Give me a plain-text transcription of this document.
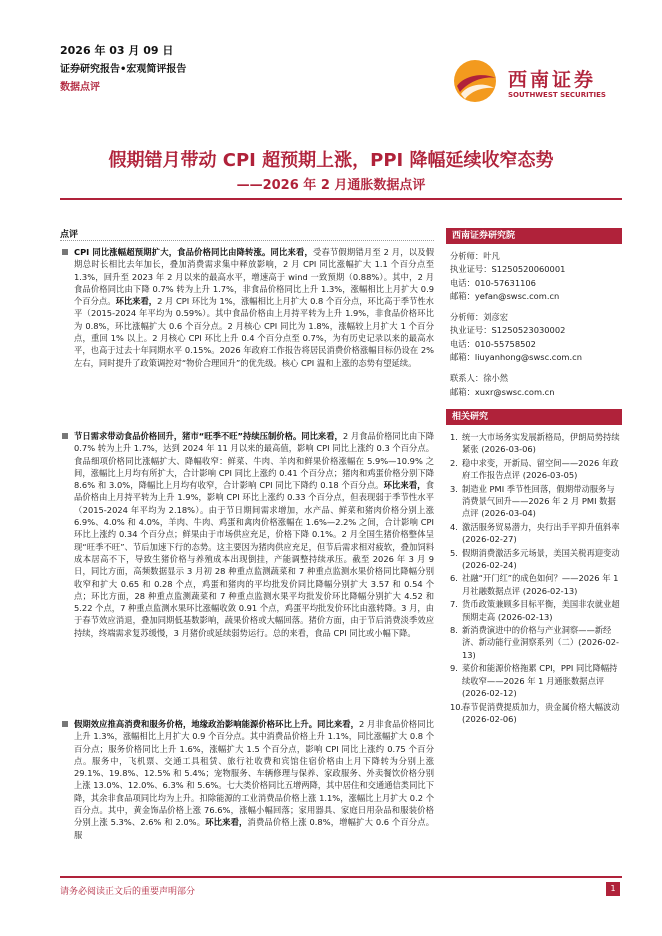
2026 年 03 月 09 日
证券研究报告•宏观简评报告
数据点评	西南证券
SOUTHWEST SECURITIES
假期错月带动 CPI 超预期上涨，PPI 降幅延续收窄态势
——2026 年 2 月通胀数据点评
点评
CPI 同比涨幅超预期扩大，食品价格同比由降转涨。同比来看，受春节假期错月至 2 月，以及假期总时长相比去年加长，叠加消费需求集中释放影响，2 月 CPI 同比涨幅扩大 1.1 个百分点至 1.3%，回升至 2023 年 2 月以来的最高水平，增速高于 wind 一致预期（0.88%）。其中，2 月食品价格同比由下降 0.7% 转为上升 1.7%，非食品价格同比上升 1.3%，涨幅相比上月扩大 0.9 个百分点。环比来看，2 月 CPI 环比为 1%，涨幅相比上月扩大 0.8 个百分点，环比高于季节性水平（2015-2024 年平均为 0.59%）。其中食品价格由上月持平转为上升 1.9%，非食品价格环比为 0.8%，环比涨幅扩大 0.6 个百分点。2 月核心 CPI 同比为 1.8%，涨幅较上月扩大 1 个百分点，重回 1% 以上。2 月核心 CPI 环比上升 0.4 个百分点至 0.7%，为有历史记录以来的最高水平，也高于过去十年同期水平 0.15%。2026 年政府工作报告将居民消费价格涨幅目标仍设在 2% 左右，同时提升了政策调控对“物价合理回升”的优先级。核心 CPI 温和上涨的态势有望延续。
节日需求带动食品价格回升，猪市“旺季不旺”持续压制价格。同比来看，2 月食品价格同比由下降 0.7% 转为上升 1.7%，达到 2024 年 11 月以来的最高值，影响 CPI 同比上涨约 0.3 个百分点。食品细项价格同比涨幅扩大、降幅收窄：鲜菜、牛肉、羊肉和鲜果价格涨幅在 5.9%—10.9% 之间，涨幅比上月均有所扩大，合计影响 CPI 同比上涨约 0.41 个百分点；猪肉和鸡蛋价格分别下降 8.6% 和 3.0%，降幅比上月均有收窄，合计影响 CPI 同比下降约 0.18 个百分点。环比来看，食品价格由上月持平转为上升 1.9%，影响 CPI 环比上涨约 0.33 个百分点，但表现弱于季节性水平（2015-2024 年平均为 2.18%）。由于节日期间需求增加，水产品、鲜菜和猪肉价格分别上涨 6.9%、4.0% 和 4.0%，羊肉、牛肉、鸡蛋和禽肉价格涨幅在 1.6%—2.2% 之间，合计影响 CPI 环比上涨约 0.34 个百分点；鲜果由于市场供应充足，价格下降 0.1%。2 月全国生猪价格整体呈现“旺季不旺”、节后加速下行的态势。这主要因为猪肉供应充足，但节后需求相对疲软，叠加饲料成本居高不下，导致生猪价格与养殖成本出现倒挂，产能调整持续承压。截至 2026 年 3 月 9 日，同比方面，高频数据显示 3 月初 28 种重点监测蔬菜和 7 种重点监测水果价格同比降幅分别收窄和扩大 0.65 和 0.28 个点，鸡蛋和猪肉的平均批发价同比降幅分别扩大 3.57 和 0.54 个点；环比方面，28 种重点监测蔬菜和 7 种重点监测水果平均批发价环比降幅分别扩大 4.52 和 5.22 个点，7 种重点监测水果环比涨幅收敛 0.91 个点，鸡蛋平均批发价环比由涨转降。3 月，由于春节效应消退，叠加同期低基数影响，蔬果价格或大幅回落。猪价方面，由于节后消费淡季效应持续，终端需求复苏缓慢，3 月猪价或延续弱势运行。总的来看，食品 CPI 同比或小幅下降。
假期效应推高消费和服务价格，地缘政治影响能源价格环比上升。同比来看，2 月非食品价格同比上升 1.3%，涨幅相比上月扩大 0.9 个百分点。其中消费品价格上升 1.1%，同比涨幅扩大 0.8 个百分点；服务价格同比上升 1.6%，涨幅扩大 1.5 个百分点，影响 CPI 同比上涨约 0.75 个百分点。服务中，飞机票、交通工具租赁、旅行社收费和宾馆住宿价格由上月下降转为分别上涨 29.1%、19.8%、12.5% 和 5.4%；宠物服务、车辆修理与保养、家政服务、外卖餐饮价格分别上涨 13.0%、12.0%、6.3% 和 5.6%。七大类价格同比五增两降，其中居住和交通通信类同比下降，其余非食品项同比均为上升。扣除能源的工业消费品价格上涨 1.1%，涨幅比上月扩大 0.2 个百分点。其中，黄金饰品价格上涨 76.6%，涨幅小幅回落；家用器具、家庭日用杂品和服装价格分别上涨 5.3%、2.6% 和 2.0%。环比来看，消费品价格上涨 0.8%，增幅扩大 0.6 个百分点。服
西南证券研究院
分析师：叶凡
执业证号：S1250520060001
电话：010-57631106
邮箱：yefan@swsc.com.cn
分析师：刘彦宏
执业证号：S1250523030002
电话：010-55758502
邮箱：liuyanhong@swsc.com.cn
联系人：徐小然
邮箱：xuxr@swsc.com.cn
相关研究
1. 统一大市场务实发展新格局，伊朗局势持续紧张 (2026-03-06)
2. 稳中求变，开新局、留空间——2026 年政府工作报告点评 (2026-03-05)
3. 制造业 PMI 季节性回落，假期带动服务与消费景气回升——2026 年 2 月 PMI 数据点评 (2026-03-04)
4. 激活服务贸易潜力，央行出手平抑升值斜率 (2026-02-27)
5. 假期消费激活多元场景，美国关税再迎变动 (2026-02-24)
6. 社融“开门红”的成色如何？——2026 年 1 月社融数据点评 (2026-02-13)
7. 货币政策兼顾多目标平衡，美国非农就业超预期走高 (2026-02-13)
8. 新消费演进中的价格与产业洞察——新经济、新动能行业洞察系列（二）(2026-02-13)
9. 菜价和能源价格拖累 CPI，PPI 同比降幅持续收窄——2026 年 1 月通胀数据点评 (2026-02-12)
10.
春节促消费提质加力，贵金属价格大幅波动 (2026-02-06)
请务必阅读正文后的重要声明部分	1
